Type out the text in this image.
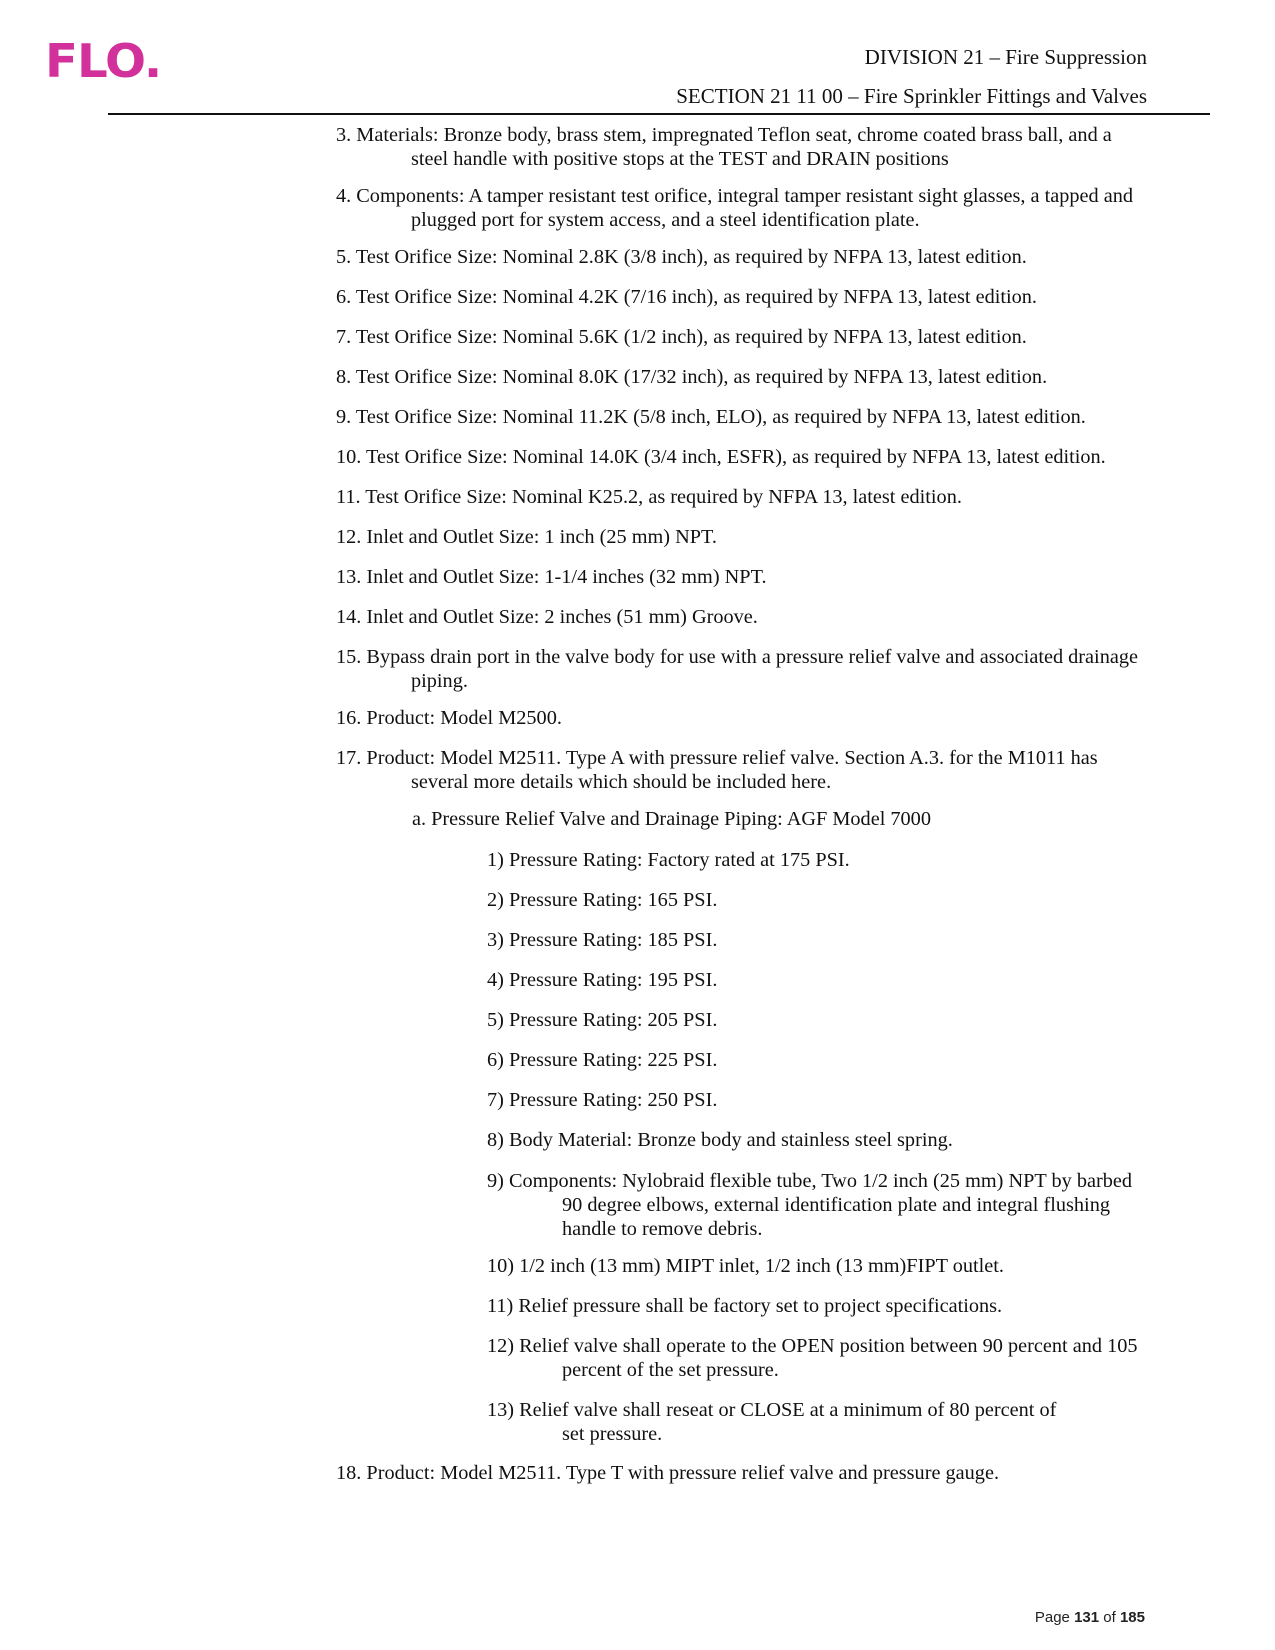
FLO.	DIVISION 21 – Fire Suppression
SECTION 21 11 00 – Fire Sprinkler Fittings and Valves
3. Materials: Bronze body, brass stem, impregnated Teflon seat, chrome coated brass ball, and a
steel handle with positive stops at the TEST and DRAIN positions
4. Components: A tamper resistant test orifice, integral tamper resistant sight glasses, a tapped and
plugged port for system access, and a steel identification plate.
5. Test Orifice Size: Nominal 2.8K (3/8 inch), as required by NFPA 13, latest edition.
6. Test Orifice Size: Nominal 4.2K (7/16 inch), as required by NFPA 13, latest edition.
7. Test Orifice Size: Nominal 5.6K (1/2 inch), as required by NFPA 13, latest edition.
8. Test Orifice Size: Nominal 8.0K (17/32 inch), as required by NFPA 13, latest edition.
9. Test Orifice Size: Nominal 11.2K (5/8 inch, ELO), as required by NFPA 13, latest edition.
10. Test Orifice Size: Nominal 14.0K (3/4 inch, ESFR), as required by NFPA 13, latest edition.
11. Test Orifice Size: Nominal K25.2, as required by NFPA 13, latest edition.
12. Inlet and Outlet Size: 1 inch (25 mm) NPT.
13. Inlet and Outlet Size: 1-1/4 inches (32 mm) NPT.
14. Inlet and Outlet Size: 2 inches (51 mm) Groove.
15. Bypass drain port in the valve body for use with a pressure relief valve and associated drainage
piping.
16. Product: Model M2500.
17. Product: Model M2511. Type A with pressure relief valve. Section A.3. for the M1011 has
several more details which should be included here.
a. Pressure Relief Valve and Drainage Piping: AGF Model 7000
1) Pressure Rating: Factory rated at 175 PSI.
2) Pressure Rating: 165 PSI.
3) Pressure Rating: 185 PSI.
4) Pressure Rating: 195 PSI.
5) Pressure Rating: 205 PSI.
6) Pressure Rating: 225 PSI.
7) Pressure Rating: 250 PSI.
8) Body Material: Bronze body and stainless steel spring.
9) Components: Nylobraid flexible tube, Two 1/2 inch (25 mm) NPT by barbed
90 degree elbows, external identification plate and integral flushing
handle to remove debris.
10) 1/2 inch (13 mm) MIPT inlet, 1/2 inch (13 mm)FIPT outlet.
11) Relief pressure shall be factory set to project specifications.
12) Relief valve shall operate to the OPEN position between 90 percent and 105
percent of the set pressure.
13) Relief valve shall reseat or CLOSE at a minimum of 80 percent of
set pressure.
18. Product: Model M2511. Type T with pressure relief valve and pressure gauge.
Page 131 of 185
